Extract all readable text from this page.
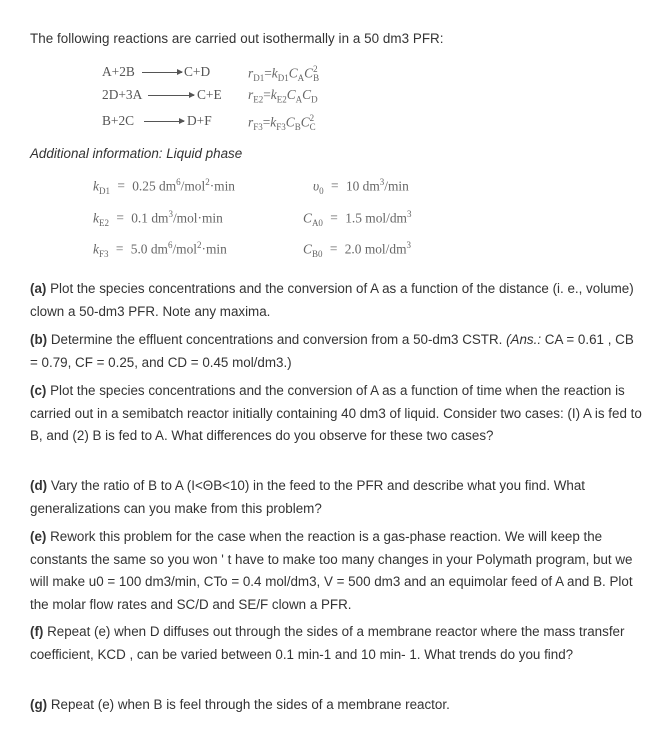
The following reactions are carried out isothermally in a 50 dm3 PFR:
A+2B → C+D
2D+3A → C+E
B+2C → D+F
$r_{D1}=k_{D1}C_AC_B^2$
$r_{E2}=k_{E2}C_AC_D$
$r_{F3}=k_{F3}C_BC_C^2$
Additional information: Liquid phase
$k_{D1} = 0.25$ $dm^6/mol^2\cdot\min$
$k_{E2} = 0.1$ $dm^3/mol\cdot\min$
$k_{F3} = 5.0$ $dm^6/mol^2\cdot\min$
$\upsilon_0 = 10$ $dm^3/\min$
$C_{A0} = 1.5$ mol/$dm^3$
$C_{B0} = 2.0$ mol/$dm^3$
(a) Plot the species concentrations and the conversion of A as a function of the distance (i. e., volume) clown a 50-dm3 PFR. Note any maxima.
(b) Determine the effluent concentrations and conversion from a 50-dm3 CSTR. (Ans.: CA = 0.61 , CB = 0.79, CF = 0.25, and CD = 0.45 mol/dm3.)
(c) Plot the species concentrations and the conversion of A as a function of time when the reaction is carried out in a semibatch reactor initially containing 40 dm3 of liquid. Consider two cases: (I) A is fed to B, and (2) B is fed to A. What differences do you observe for these two cases?
(d) Vary the ratio of B to A (I<ΘB<10) in the feed to the PFR and describe what you find. What generalizations can you make from this problem?
(e) Rework this problem for the case when the reaction is a gas-phase reaction. We will keep the constants the same so you won ' t have to make too many changes in your Polymath program, but we will make u0 = 100 dm3/min, CTo = 0.4 mol/dm3, V = 500 dm3 and an equimolar feed of A and B. Plot the molar flow rates and SC/D and SE/F clown a PFR.
(f) Repeat (e) when D diffuses out through the sides of a membrane reactor where the mass transfer coefficient, KCD , can be varied between 0.1 min-1 and 10 min- 1. What trends do you find?
(g) Repeat (e) when B is feel through the sides of a membrane reactor.
